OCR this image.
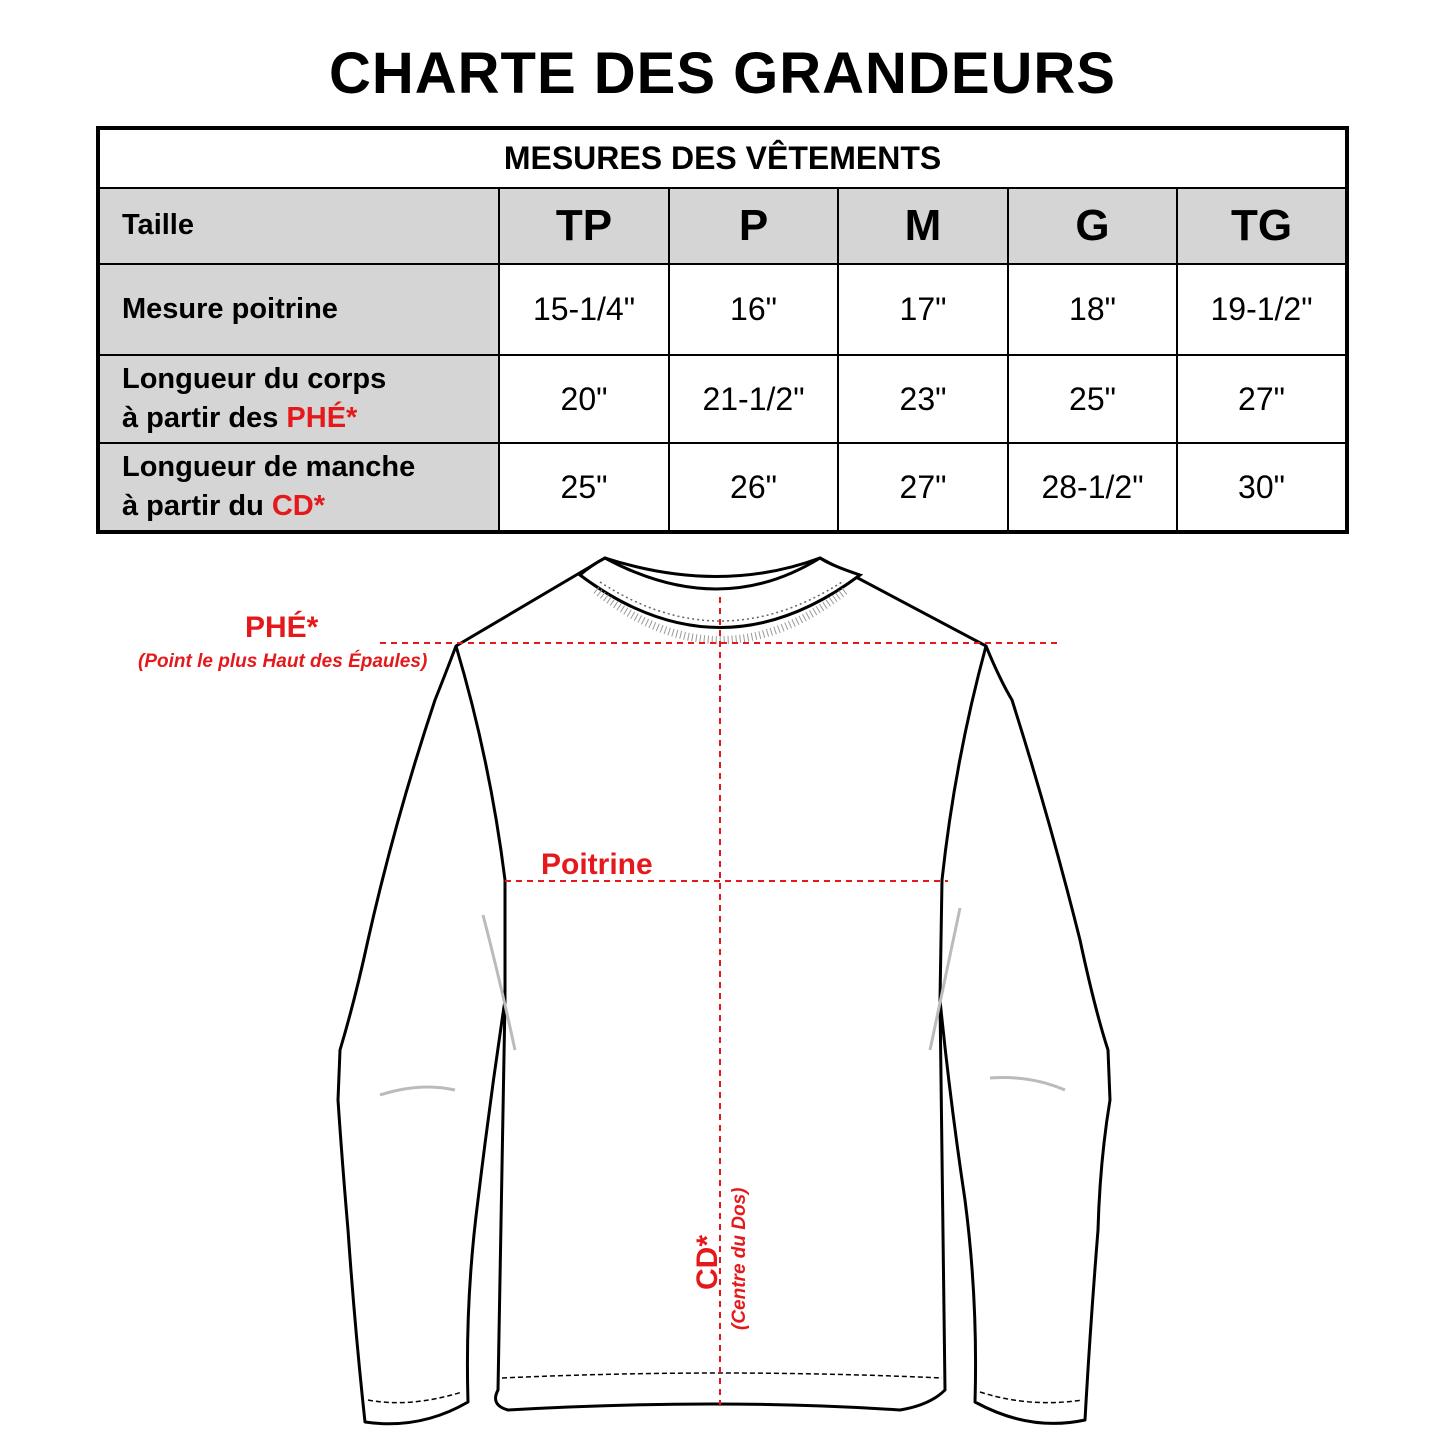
CHARTE DES GRANDEURS
MESURES DES VÊTEMENTS					
Taille	TP	P	M	G	TG
Mesure poitrine	15-1/4"	16"	17"	18"	19-1/2"
Longueur du corps
à partir des PHÉ*	20"	21-1/2"	23"	25"	27"
Longueur de manche
à partir du CD*	25"	26"	27"	28-1/2"	30"
PHÉ*
(Point le plus Haut des Épaules)
Poitrine
CD* (Centre du Dos)
